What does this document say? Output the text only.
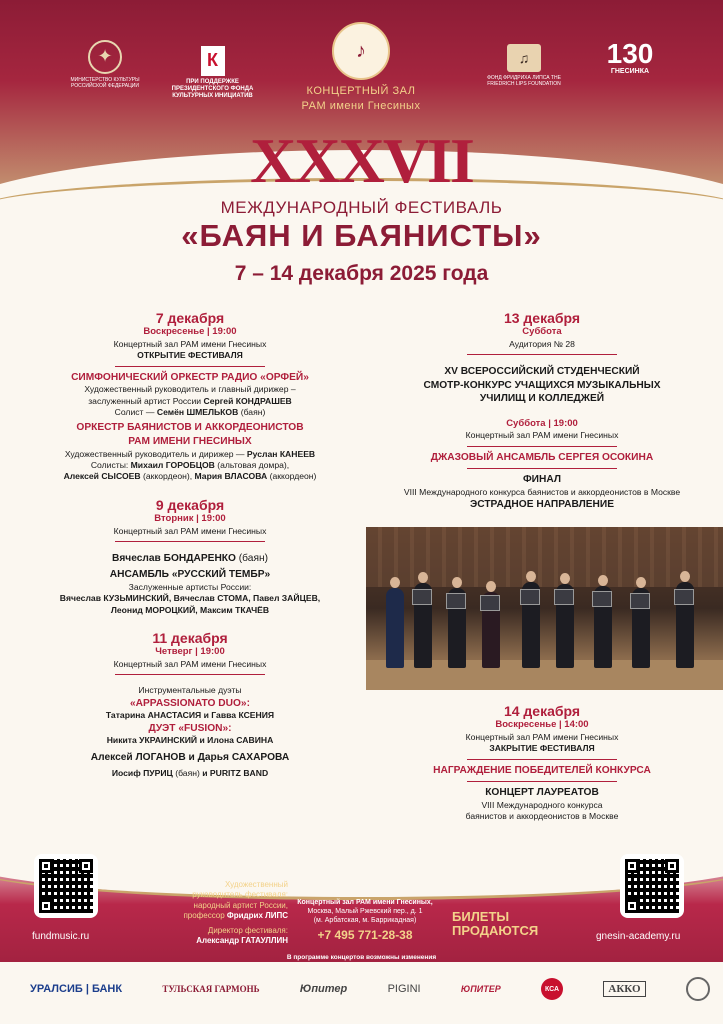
✦
МИНИСТЕРСТВО КУЛЬТУРЫ РОССИЙСКОЙ ФЕДЕРАЦИИ
К
ПРИ ПОДДЕРЖКЕ ПРЕЗИДЕНТСКОГО ФОНДА КУЛЬТУРНЫХ ИНИЦИАТИВ
♪
КОНЦЕРТНЫЙ ЗАЛ
РАМ имени Гнесиных
♫
ФОНД ФРИДРИХА ЛИПСА THE FRIEDRICH LIPS FOUNDATION
130
ГНЕСИНКА
XXXVII
МЕЖДУНАРОДНЫЙ ФЕСТИВАЛЬ
«БАЯН И БАЯНИСТЫ»
7 – 14 декабря 2025 года
7 декабря
Воскресенье | 19:00
Концертный зал РАМ имени Гнесиных
ОТКРЫТИЕ ФЕСТИВАЛЯ
СИМФОНИЧЕСКИЙ ОРКЕСТР РАДИО «ОРФЕЙ»
Художественный руководитель и главный дирижер –
заслуженный артист России Сергей КОНДРАШЕВ
Солист — Семён ШМЕЛЬКОВ (баян)
ОРКЕСТР БАЯНИСТОВ И АККОРДЕОНИСТОВ
РАМ ИМЕНИ ГНЕСИНЫХ
Художественный руководитель и дирижер — Руслан КАНЕЕВ
Солисты: Михаил ГОРОБЦОВ (альтовая домра),
Алексей СЫСОЕВ (аккордеон), Мария ВЛАСОВА (аккордеон)
9 декабря
Вторник | 19:00
Концертный зал РАМ имени Гнесиных
Вячеслав БОНДАРЕНКО (баян)
АНСАМБЛЬ «РУССКИЙ ТЕМБР»
Заслуженные артисты России:
Вячеслав КУЗЬМИНСКИЙ, Вячеслав СТОМА, Павел ЗАЙЦЕВ,
Леонид МОРОЦКИЙ, Максим ТКАЧЁВ
11 декабря
Четверг | 19:00
Концертный зал РАМ имени Гнесиных
Инструментальные дуэты
«APPASSIONATO DUO»:
Татарина АНАСТАСИЯ и Гавва КСЕНИЯ
ДУЭТ «FUSION»:
Никита УКРАИНСКИЙ и Илона САВИНА
Алексей ЛОГАНОВ и Дарья САХАРОВА
Иосиф ПУРИЦ (баян) и PURITZ BAND
13 декабря
Суббота
Аудитория № 28
XV ВСЕРОССИЙСКИЙ СТУДЕНЧЕСКИЙ
СМОТР-КОНКУРС УЧАЩИХСЯ МУЗЫКАЛЬНЫХ
УЧИЛИЩ И КОЛЛЕДЖЕЙ
Суббота | 19:00
Концертный зал РАМ имени Гнесиных
ДЖАЗОВЫЙ АНСАМБЛЬ СЕРГЕЯ ОСОКИНА
ФИНАЛ
VIII Международного конкурса баянистов и аккордеонистов в Москве
ЭСТРАДНОЕ НАПРАВЛЕНИЕ
14 декабря
Воскресенье | 14:00
Концертный зал РАМ имени Гнесиных
ЗАКРЫТИЕ ФЕСТИВАЛЯ
НАГРАЖДЕНИЕ ПОБЕДИТЕЛЕЙ КОНКУРСА
КОНЦЕРТ ЛАУРЕАТОВ
VIII Международного конкурса
баянистов и аккордеонистов в Москве
fundmusic.ru
Художественный
руководитель фестиваля:
народный артист России,
профессор Фридрих ЛИПС
Директор фестиваля:
Александр ГАТАУЛЛИН
Концертный зал РАМ имени Гнесиных,
Москва, Малый Ржевский пер., д. 1
(м. Арбатская, м. Баррикадная)
+7 495 771-28-38
БИЛЕТЫ
ПРОДАЮТСЯ	gnesin-academy.ru
В программе концертов возможны изменения
УРАЛСИБ | БАНК	ТУЛЬСКАЯ ГАРМОНЬ	Юпитер	PIGINI	ЮПИТЕР	КСА	АККО
